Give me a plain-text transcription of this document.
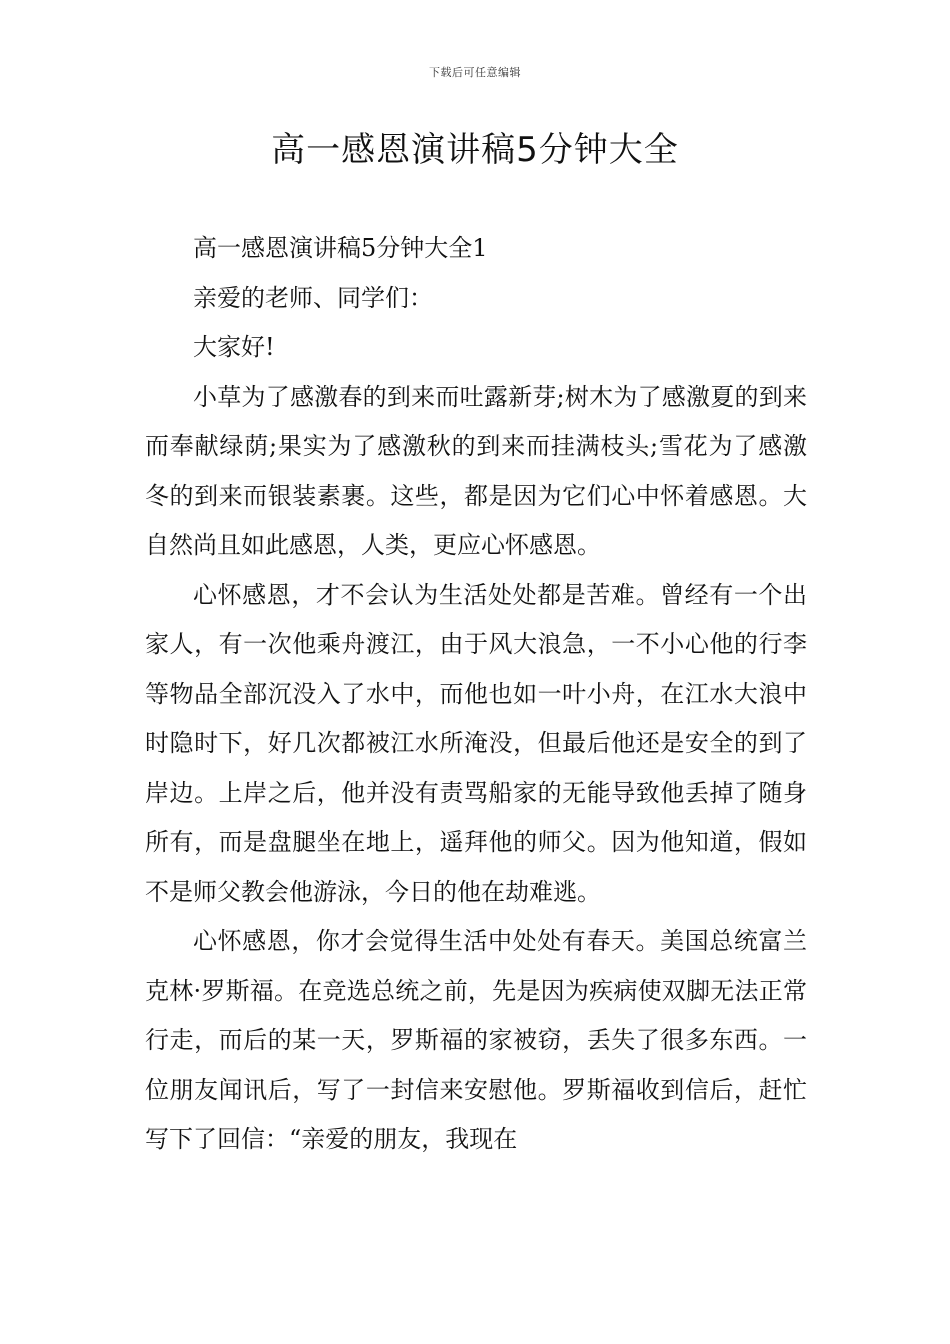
下载后可任意编辑
高一感恩演讲稿5分钟大全

高一感恩演讲稿5分钟大全1

亲爱的老师、同学们：

大家好!

小草为了感激春的到来而吐露新芽;树木为了感激夏的到来而奉献绿荫;果实为了感激秋的到来而挂满枝头;雪花为了感激冬的到来而银装素裹。这些，都是因为它们心中怀着感恩。大自然尚且如此感恩，人类，更应心怀感恩。

心怀感恩，才不会认为生活处处都是苦难。曾经有一个出家人，有一次他乘舟渡江，由于风大浪急，一不小心他的行李等物品全部沉没入了水中，而他也如一叶小舟，在江水大浪中时隐时下，好几次都被江水所淹没，但最后他还是安全的到了岸边。上岸之后，他并没有责骂船家的无能导致他丢掉了随身所有，而是盘腿坐在地上，遥拜他的师父。因为他知道，假如不是师父教会他游泳，今日的他在劫难逃。

心怀感恩，你才会觉得生活中处处有春天。美国总统富兰克林·罗斯福。在竞选总统之前，先是因为疾病使双脚无法正常行走，而后的某一天，罗斯福的家被窃，丢失了很多东西。一位朋友闻讯后，写了一封信来安慰他。罗斯福收到信后，赶忙写下了回信：“亲爱的朋友，我现在
